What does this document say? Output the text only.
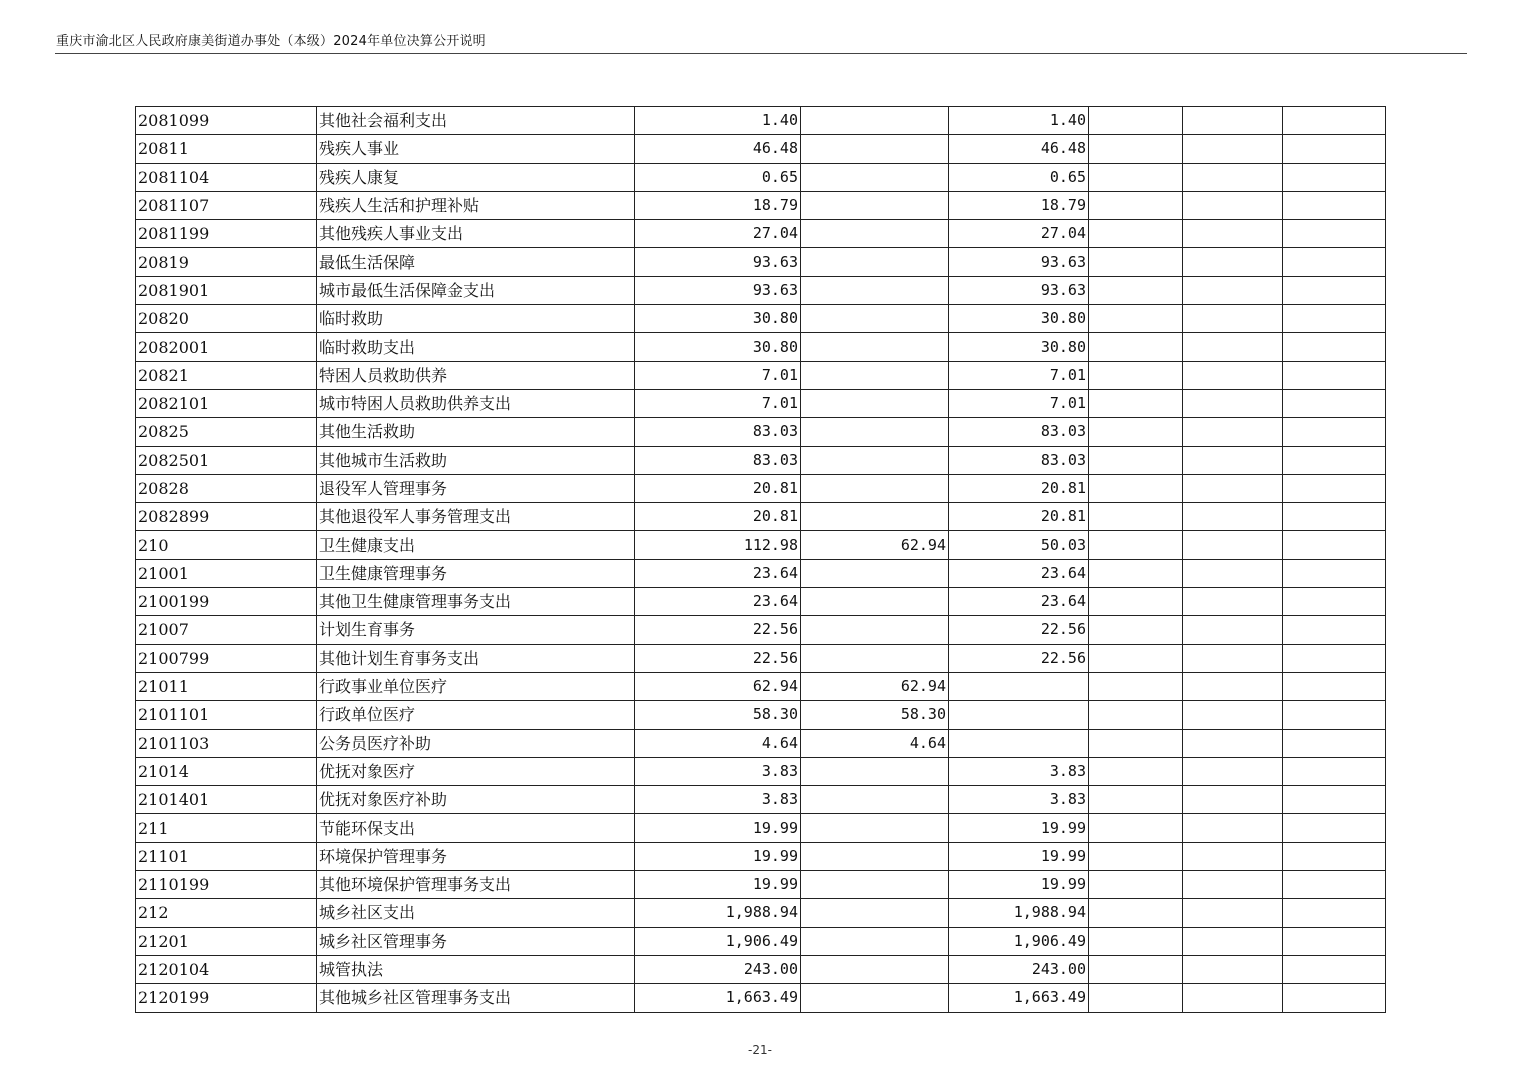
重庆市渝北区人民政府康美街道办事处（本级）2024年单位决算公开说明
2081099	其他社会福利支出	1.40		1.40			
20811	残疾人事业	46.48		46.48			
2081104	残疾人康复	0.65		0.65			
2081107	残疾人生活和护理补贴	18.79		18.79			
2081199	其他残疾人事业支出	27.04		27.04			
20819	最低生活保障	93.63		93.63			
2081901	城市最低生活保障金支出	93.63		93.63			
20820	临时救助	30.80		30.80			
2082001	临时救助支出	30.80		30.80			
20821	特困人员救助供养	7.01		7.01			
2082101	城市特困人员救助供养支出	7.01		7.01			
20825	其他生活救助	83.03		83.03			
2082501	其他城市生活救助	83.03		83.03			
20828	退役军人管理事务	20.81		20.81			
2082899	其他退役军人事务管理支出	20.81		20.81			
210	卫生健康支出	112.98	62.94	50.03			
21001	卫生健康管理事务	23.64		23.64			
2100199	其他卫生健康管理事务支出	23.64		23.64			
21007	计划生育事务	22.56		22.56			
2100799	其他计划生育事务支出	22.56		22.56			
21011	行政事业单位医疗	62.94	62.94				
2101101	行政单位医疗	58.30	58.30				
2101103	公务员医疗补助	4.64	4.64				
21014	优抚对象医疗	3.83		3.83			
2101401	优抚对象医疗补助	3.83		3.83			
211	节能环保支出	19.99		19.99			
21101	环境保护管理事务	19.99		19.99			
2110199	其他环境保护管理事务支出	19.99		19.99			
212	城乡社区支出	1,988.94		1,988.94			
21201	城乡社区管理事务	1,906.49		1,906.49			
2120104	城管执法	243.00		243.00			
2120199	其他城乡社区管理事务支出	1,663.49		1,663.49			
-21-
